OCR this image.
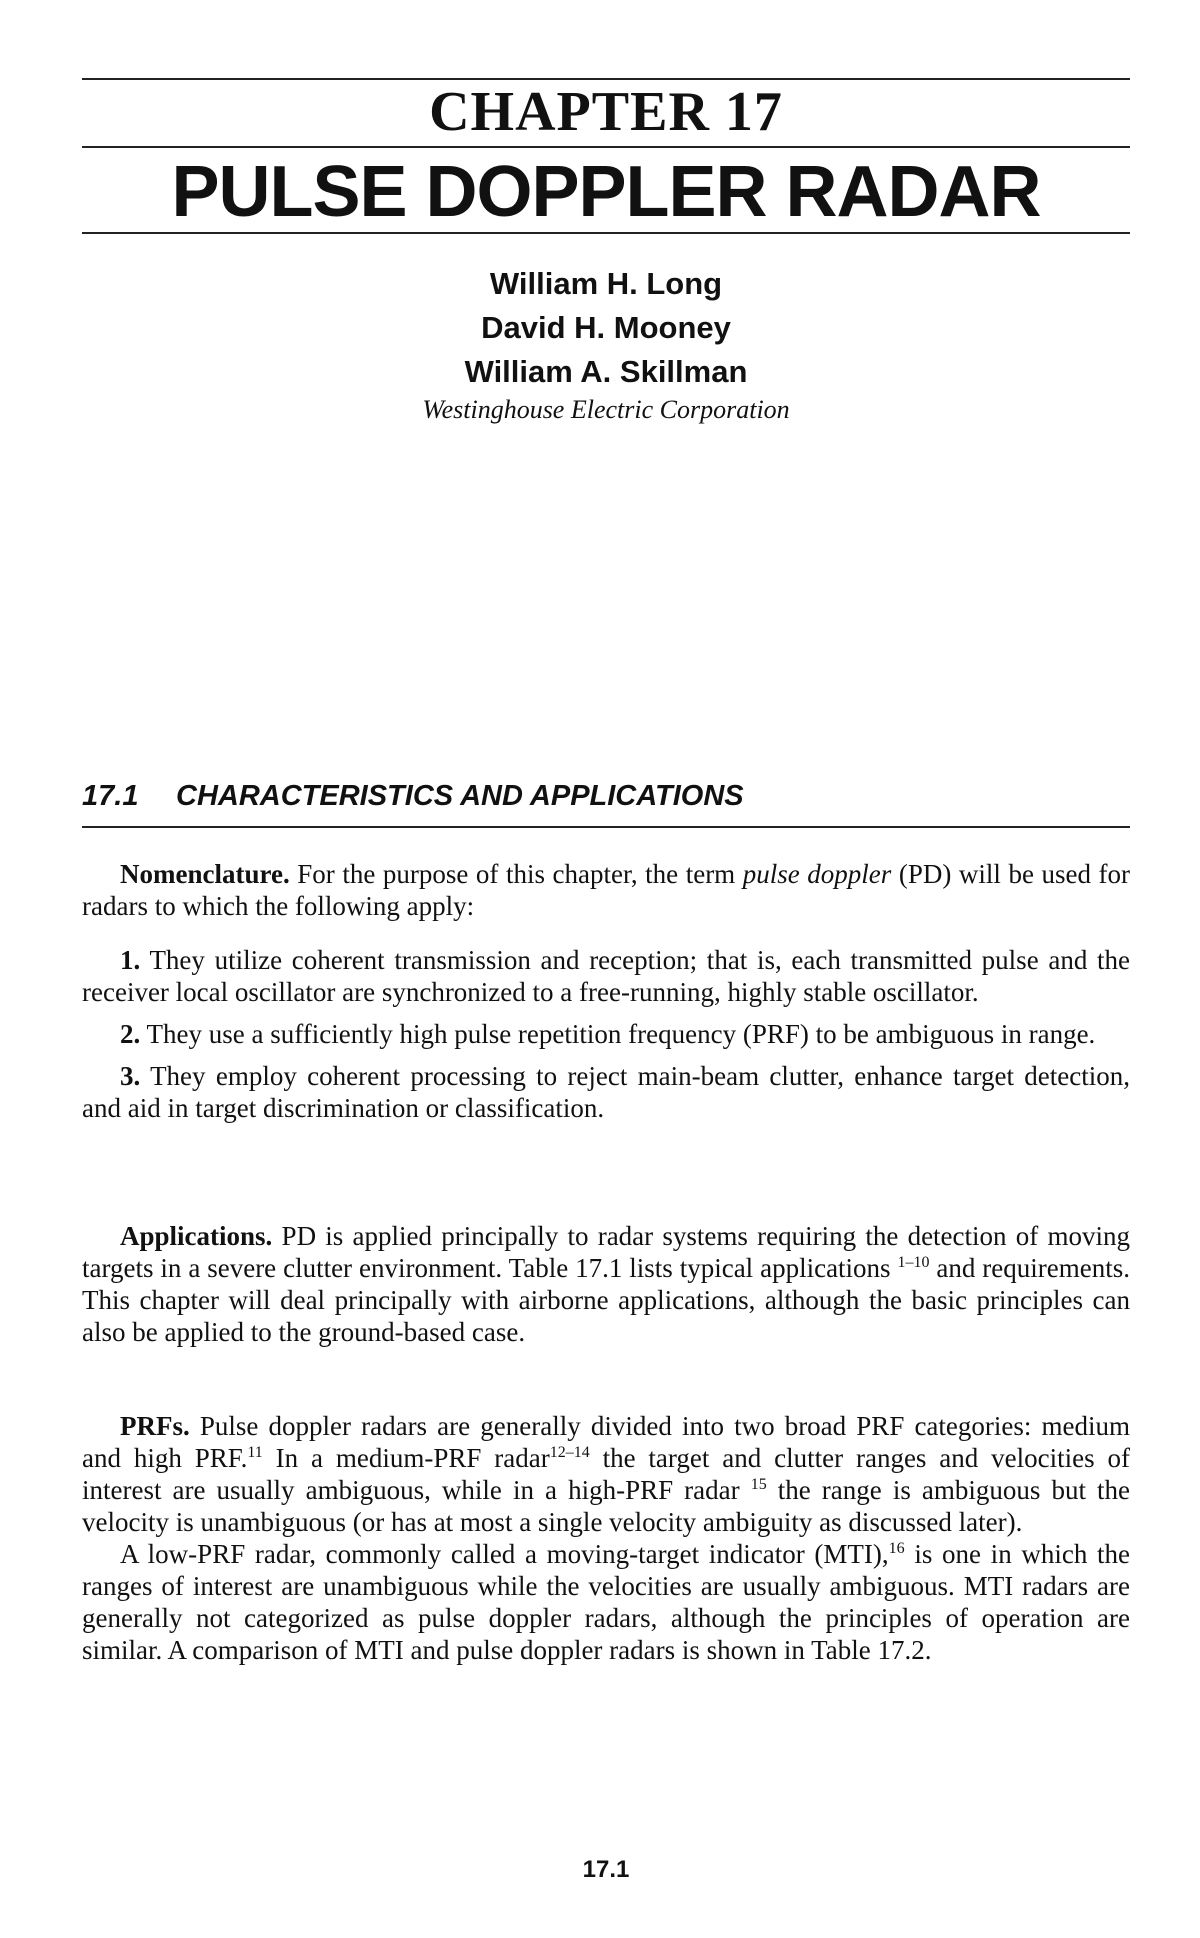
CHAPTER 17
PULSE DOPPLER RADAR
William H. Long
David H. Mooney
William A. Skillman
Westinghouse Electric Corporation
17.1 CHARACTERISTICS AND APPLICATIONS

Nomenclature. For the purpose of this chapter, the term pulse doppler (PD) will be used for radars to which the following apply:

1. They utilize coherent transmission and reception; that is, each transmitted pulse and the receiver local oscillator are synchronized to a free-running, highly stable oscillator.

2. They use a sufficiently high pulse repetition frequency (PRF) to be ambiguous in range.

3. They employ coherent processing to reject main-beam clutter, enhance target detection, and aid in target discrimination or classification.

Applications. PD is applied principally to radar systems requiring the detection of moving targets in a severe clutter environment. Table 17.1 lists typical applications $^{1-10}$ and requirements. This chapter will deal principally with airborne applications, although the basic principles can also be applied to the ground-based case.

PRFs. Pulse doppler radars are generally divided into two broad PRF categories: medium and high PRF.$^{11}$ In a medium-PRF radar$^{12-14}$ the target and clutter ranges and velocities of interest are usually ambiguous, while in a high-PRF radar $^{15}$ the range is ambiguous but the velocity is unambiguous (or has at most a single velocity ambiguity as discussed later).

A low-PRF radar, commonly called a moving-target indicator (MTI),$^{16}$ is one in which the ranges of interest are unambiguous while the velocities are usually ambiguous. MTI radars are generally not categorized as pulse doppler radars, although the principles of operation are similar. A comparison of MTI and pulse doppler radars is shown in Table 17.2.

17.1
